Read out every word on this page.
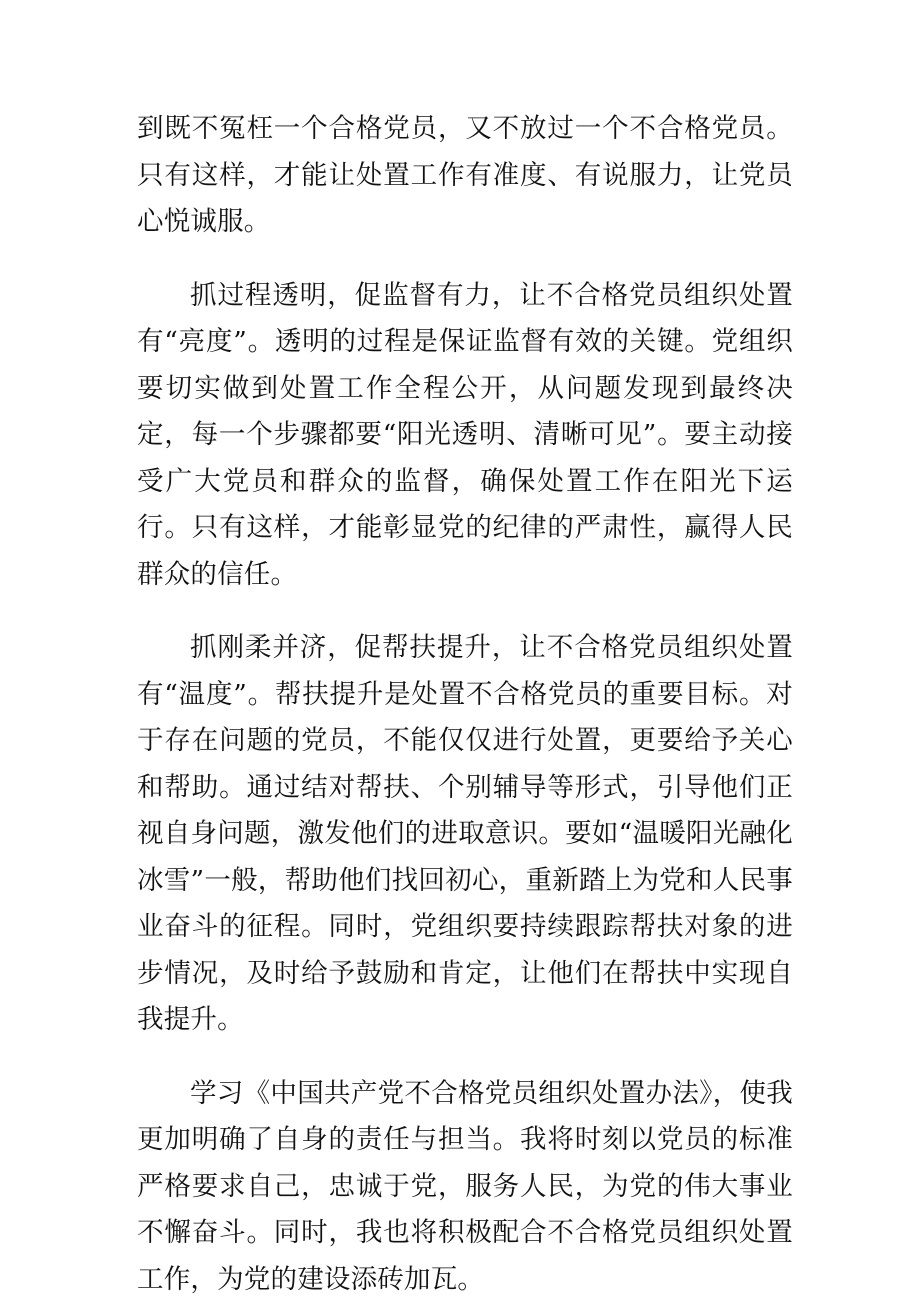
到既不冤枉一个合格党员，又不放过一个不合格党员。只有这样，才能让处置工作有准度、有说服力，让党员心悦诚服。

抓过程透明，促监督有力，让不合格党员组织处置有“亮度”。透明的过程是保证监督有效的关键。党组织要切实做到处置工作全程公开，从问题发现到最终决定，每一个步骤都要“阳光透明、清晰可见”。要主动接受广大党员和群众的监督，确保处置工作在阳光下运行。只有这样，才能彰显党的纪律的严肃性，赢得人民群众的信任。

抓刚柔并济，促帮扶提升，让不合格党员组织处置有“温度”。帮扶提升是处置不合格党员的重要目标。对于存在问题的党员，不能仅仅进行处置，更要给予关心和帮助。通过结对帮扶、个别辅导等形式，引导他们正视自身问题，激发他们的进取意识。要如“温暖阳光融化冰雪”一般，帮助他们找回初心，重新踏上为党和人民事业奋斗的征程。同时，党组织要持续跟踪帮扶对象的进步情况，及时给予鼓励和肯定，让他们在帮扶中实现自我提升。

学习《中国共产党不合格党员组织处置办法》，使我更加明确了自身的责任与担当。我将时刻以党员的标准严格要求自己，忠诚于党，服务人民，为党的伟大事业不懈奋斗。同时，我也将积极配合不合格党员组织处置工作，为党的建设添砖加瓦。
